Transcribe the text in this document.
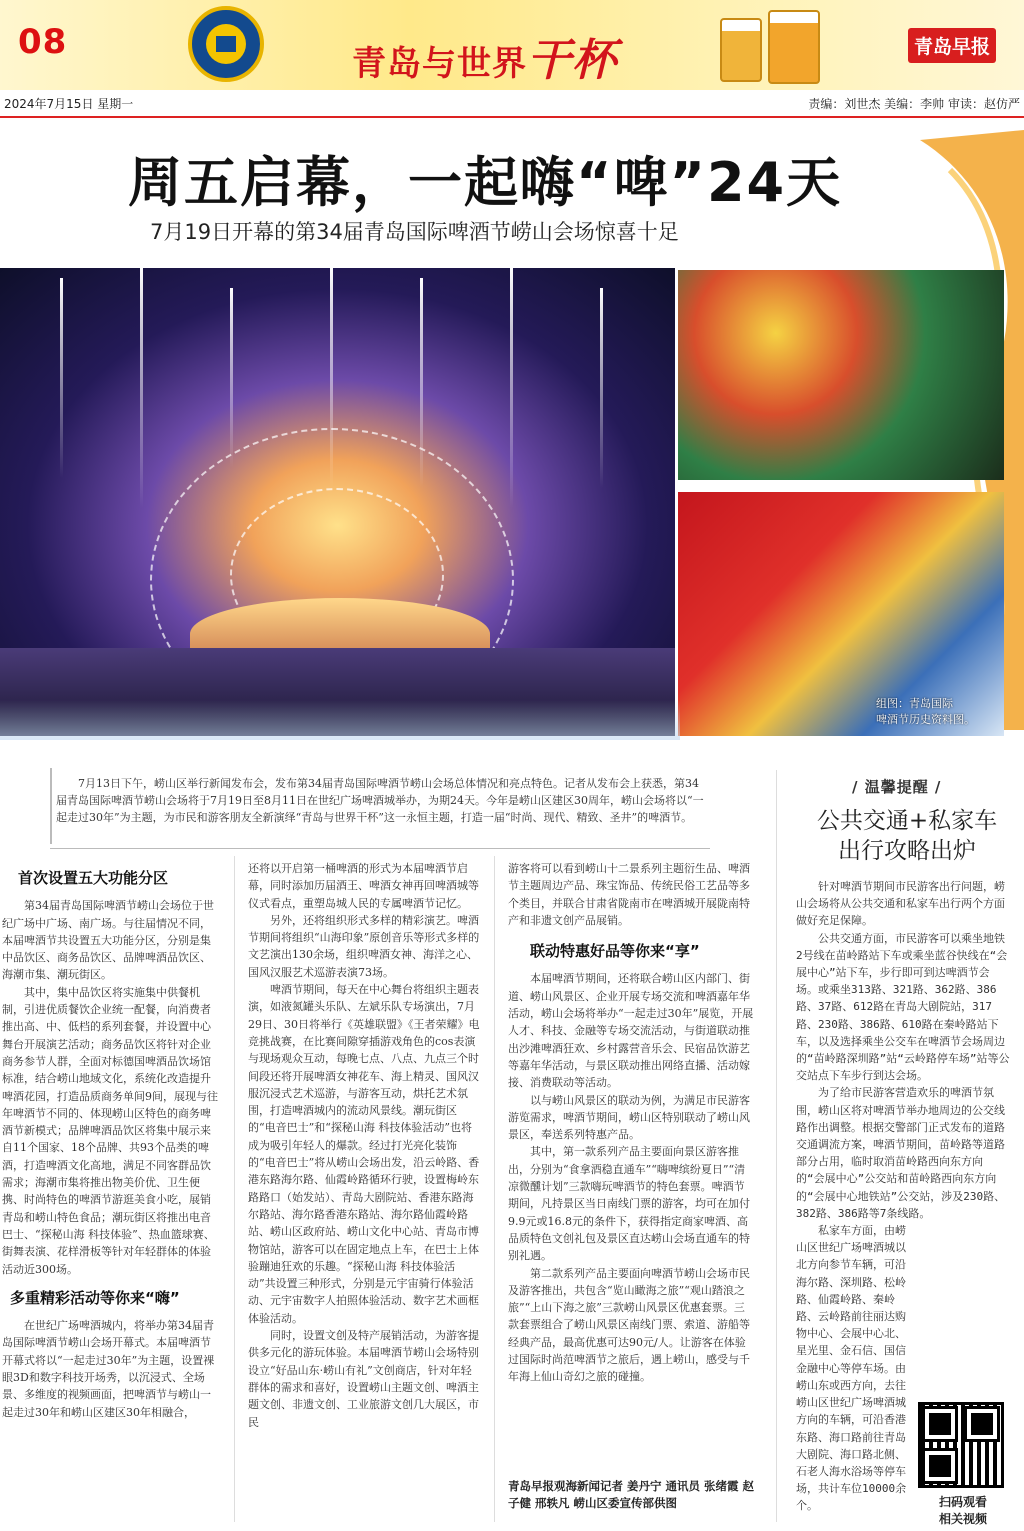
08
青岛与世界干杯	青岛早报
2024年7月15日 星期一	责编：刘世杰 美编：李帅 审读：赵仿严
周五启幕，一起嗨“啤”24天
7月19日开幕的第34届青岛国际啤酒节崂山会场惊喜十足
组图：青岛国际
啤酒节历史资料图。
7月13日下午，崂山区举行新闻发布会，发布第34届青岛国际啤酒节崂山会场总体情况和亮点特色。记者从发布会上获悉，第34届青岛国际啤酒节崂山会场将于7月19日至8月11日在世纪广场啤酒城举办，为期24天。今年是崂山区建区30周年，崂山会场将以“一起走过30年”为主题，为市民和游客朋友全新演绎“青岛与世界干杯”这一永恒主题，打造一届“时尚、现代、精致、圣井”的啤酒节。
首次设置五大功能分区

第34届青岛国际啤酒节崂山会场位于世纪广场中广场、南广场。与往届情况不同，本届啤酒节共设置五大功能分区，分别是集中品饮区、商务品饮区、品牌啤酒品饮区、海潮市集、潮玩街区。

其中，集中品饮区将实施集中供餐机制，引进优质餐饮企业统一配餐，向消费者推出高、中、低档的系列套餐，并设置中心舞台开展演艺活动；商务品饮区将针对企业商务参节人群，全面对标德国啤酒品饮场馆标准，结合崂山地域文化，系统化改造提升啤酒花园，打造品质商务单间9间，展现与往年啤酒节不同的、体现崂山区特色的商务啤酒节新模式；品牌啤酒品饮区将集中展示来自11个国家、18个品牌、共93个品类的啤酒，打造啤酒文化高地，满足不同客群品饮需求；海潮市集将推出物美价优、卫生便携、时尚特色的啤酒节游逛美食小吃，展销青岛和崂山特色食品；潮玩街区将推出电音巴士、“探秘山海 科技体验”、热血篮球赛、街舞表演、花样滑板等针对年轻群体的体验活动近300场。

多重精彩活动等你来“嗨”

在世纪广场啤酒城内，将举办第34届青岛国际啤酒节崂山会场开幕式。本届啤酒节开幕式将以“一起走过30年”为主题，设置裸眼3D和数字科技开场秀，以沉浸式、全场景、多维度的视频画面，把啤酒节与崂山一起走过30年和崂山区建区30年相融合，

还将以开启第一桶啤酒的形式为本届啤酒节启幕，同时添加历届酒王、啤酒女神再回啤酒城等仪式看点，重塑岛城人民的专属啤酒节记忆。

另外，还将组织形式多样的精彩演艺。啤酒节期间将组织“山海印象”原创音乐等形式多样的文艺演出130余场，组织啤酒女神、海洋之心、国风汉服艺术巡游表演73场。

啤酒节期间，每天在中心舞台将组织主题表演，如液氮罐头乐队、左斌乐队专场演出，7月29日、30日将举行《英雄联盟》《王者荣耀》电竞挑战赛，在比赛间隙穿插游戏角色的cos表演与现场观众互动，每晚七点、八点、九点三个时间段还将开展啤酒女神花车、海上精灵、国风汉服沉浸式艺术巡游，与游客互动，烘托艺术氛围，打造啤酒城内的流动风景线。潮玩街区的“电音巴士”和“探秘山海 科技体验活动”也将成为吸引年轻人的爆款。经过打光亮化装饰的“电音巴士”将从崂山会场出发，沿云岭路、香港东路海尔路、仙霞岭路循环行驶，设置梅岭东路路口（始发站）、青岛大剧院站、香港东路海尔路站、海尔路香港东路站、海尔路仙霞岭路站、崂山区政府站、崂山文化中心站、青岛市博物馆站，游客可以在固定地点上车，在巴士上体验蹦迪狂欢的乐趣。“探秘山海 科技体验活动”共设置三种形式，分别是元宇宙骑行体验活动、元宇宙数字人拍照体验活动、数字艺术画框体验活动。

同时，设置文创及特产展销活动，为游客提供多元化的游玩体验。本届啤酒节崂山会场特别设立“好品山东·崂山有礼”文创商店，针对年轻群体的需求和喜好，设置崂山主题文创、啤酒主题文创、非遗文创、工业旅游文创几大展区，市民

游客将可以看到崂山十二景系列主题衍生品、啤酒节主题周边产品、珠宝饰品、传统民俗工艺品等多个类目，并联合甘肃省陇南市在啤酒城开展陇南特产和非遗文创产品展销。

联动特惠好品等你来“享”

本届啤酒节期间，还将联合崂山区内部门、街道、崂山风景区、企业开展专场交流和啤酒嘉年华活动，崂山会场将举办“一起走过30年”展览，开展人才、科技、金融等专场交流活动，与街道联动推出沙滩啤酒狂欢、乡村露营音乐会、民宿品饮游艺等嘉年华活动，与景区联动推出网络直播、活动嫁接、消费联动等活动。

以与崂山风景区的联动为例，为满足市民游客游览需求，啤酒节期间，崂山区特别联动了崂山风景区，奉送系列特惠产品。

其中，第一款系列产品主要面向景区游客推出，分别为“食拿酒稳直通车”“嗨啤缤纷夏日”“清凉微醺计划”三款嗨玩啤酒节的特色套票。啤酒节期间，凡持景区当日南线门票的游客，均可在加付9.9元或16.8元的条件下，获得指定商家啤酒、高品质特色文创礼包及景区直达崂山会场直通车的特别礼遇。

第二款系列产品主要面向啤酒节崂山会场市民及游客推出，共包含“览山瞰海之旅”“观山踏浪之旅”“上山下海之旅”三款崂山风景区优惠套票。三款套票组合了崂山风景区南线门票、索道、游船等经典产品，最高优惠可达90元/人。让游客在体验过国际时尚范啤酒节之旅后，遇上崂山，感受与千年海上仙山奇幻之旅的碰撞。

青岛早报观海新闻记者 姜丹宁 通讯员 张绪霞 赵子健 邢轶凡 崂山区委宣传部供图
/ 温馨提醒 /
公共交通+私家车
出行攻略出炉

针对啤酒节期间市民游客出行问题，崂山会场将从公共交通和私家车出行两个方面做好充足保障。

公共交通方面，市民游客可以乘坐地铁2号线在苗岭路站下车或乘坐蓝谷快线在“会展中心”站下车，步行即可到达啤酒节会场。或乘坐313路、321路、362路、386路、37路、612路在青岛大剧院站，317路、230路、386路、610路在秦岭路站下车，以及选择乘坐公交车在啤酒节会场周边的“苗岭路深圳路”站“云岭路停车场”站等公交站点下车步行到达会场。

为了给市民游客营造欢乐的啤酒节氛围，崂山区将对啤酒节举办地周边的公交线路作出调整。根据交警部门正式发布的道路交通调流方案，啤酒节期间，苗岭路等道路部分占用，临时取消苗岭路西向东方向的“会展中心”公交站和苗岭路西向东方向的“会展中心地铁站”公交站，涉及230路、382路、386路等7条线路。

私家车方面，由崂山区世纪广场啤酒城以北方向参节车辆，可沿海尔路、深圳路、松岭路、仙霞岭路、秦岭路、云岭路前往丽达购物中心、会展中心北、星光里、金石信、国信金融中心等停车场。由崂山东或西方向，去往崂山区世纪广场啤酒城方向的车辆，可沿香港东路、海口路前往青岛大剧院、海口路北侧、石老人海水浴场等停车场，共计车位10000余个。	扫码观看
相关视频
